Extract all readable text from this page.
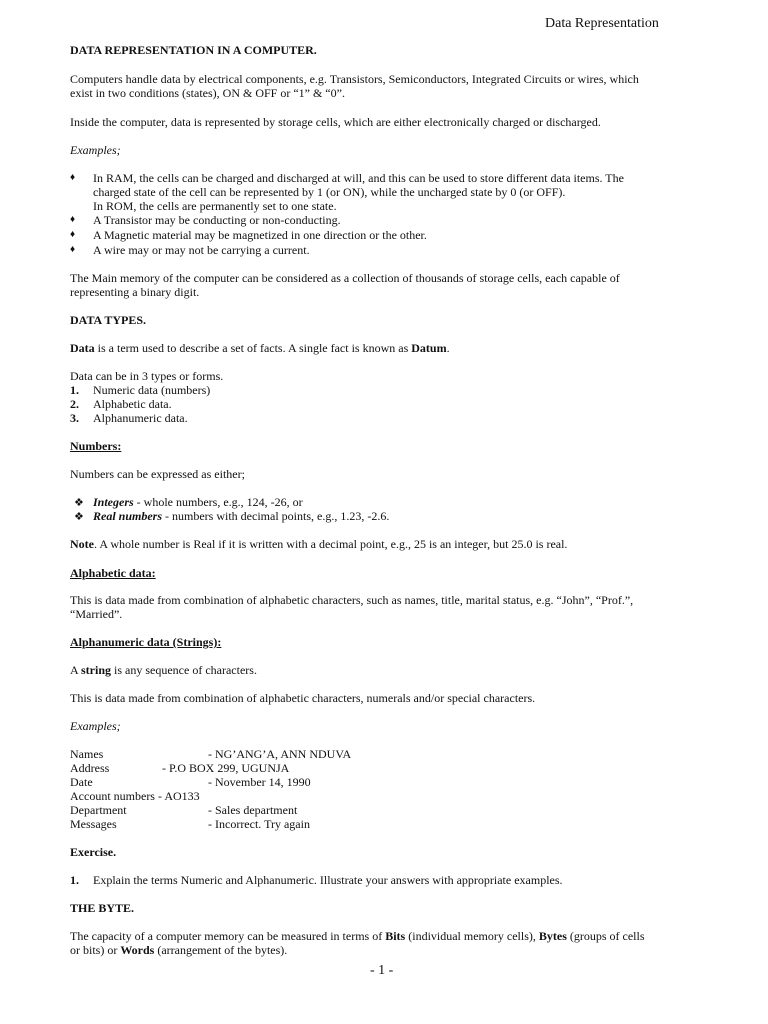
Data Representation
DATA REPRESENTATION IN A COMPUTER.
Computers handle data by electrical components, e.g. Transistors, Semiconductors, Integrated Circuits or wires, which
exist in two conditions (states), ON & OFF or “1” & “0”.
Inside the computer, data is represented by storage cells, which are either electronically charged or discharged.
Examples;
♦
In RAM, the cells can be charged and discharged at will, and this can be used to store different data items. The
charged state of the cell can be represented by 1 (or ON), while the uncharged state by 0 (or OFF).
In ROM, the cells are permanently set to one state.
♦
A Transistor may be conducting or non-conducting.
♦
A Magnetic material may be magnetized in one direction or the other.
♦
A wire may or may not be carrying a current.
The Main memory of the computer can be considered as a collection of thousands of storage cells, each capable of
representing a binary digit.
DATA TYPES.
Data is a term used to describe a set of facts. A single fact is known as Datum.
Data can be in 3 types or forms.
1. Numeric data (numbers)
2. Alphabetic data.
3. Alphanumeric data.
Numbers:
Numbers can be expressed as either;
❖
Integers - whole numbers, e.g., 124, -26, or
❖
Real numbers - numbers with decimal points, e.g., 1.23, -2.6.
Note. A whole number is Real if it is written with a decimal point, e.g., 25 is an integer, but 25.0 is real.
Alphabetic data:
This is data made from combination of alphabetic characters, such as names, title, marital status, e.g. “John”, “Prof.”,
“Married”.
Alphanumeric data (Strings):
A string is any sequence of characters.
This is data made from combination of alphabetic characters, numerals and/or special characters.
Examples;
Names	- NG’ANG’A, ANN NDUVA
Address	- P.O BOX 299, UGUNJA
Date	- November 14, 1990
Account numbers - AO133
Department	- Sales department
Messages	- Incorrect. Try again
Exercise.
1. Explain the terms Numeric and Alphanumeric. Illustrate your answers with appropriate examples.
THE BYTE.
The capacity of a computer memory can be measured in terms of Bits (individual memory cells), Bytes (groups of cells
or bits) or Words (arrangement of the bytes).
- 1 -
